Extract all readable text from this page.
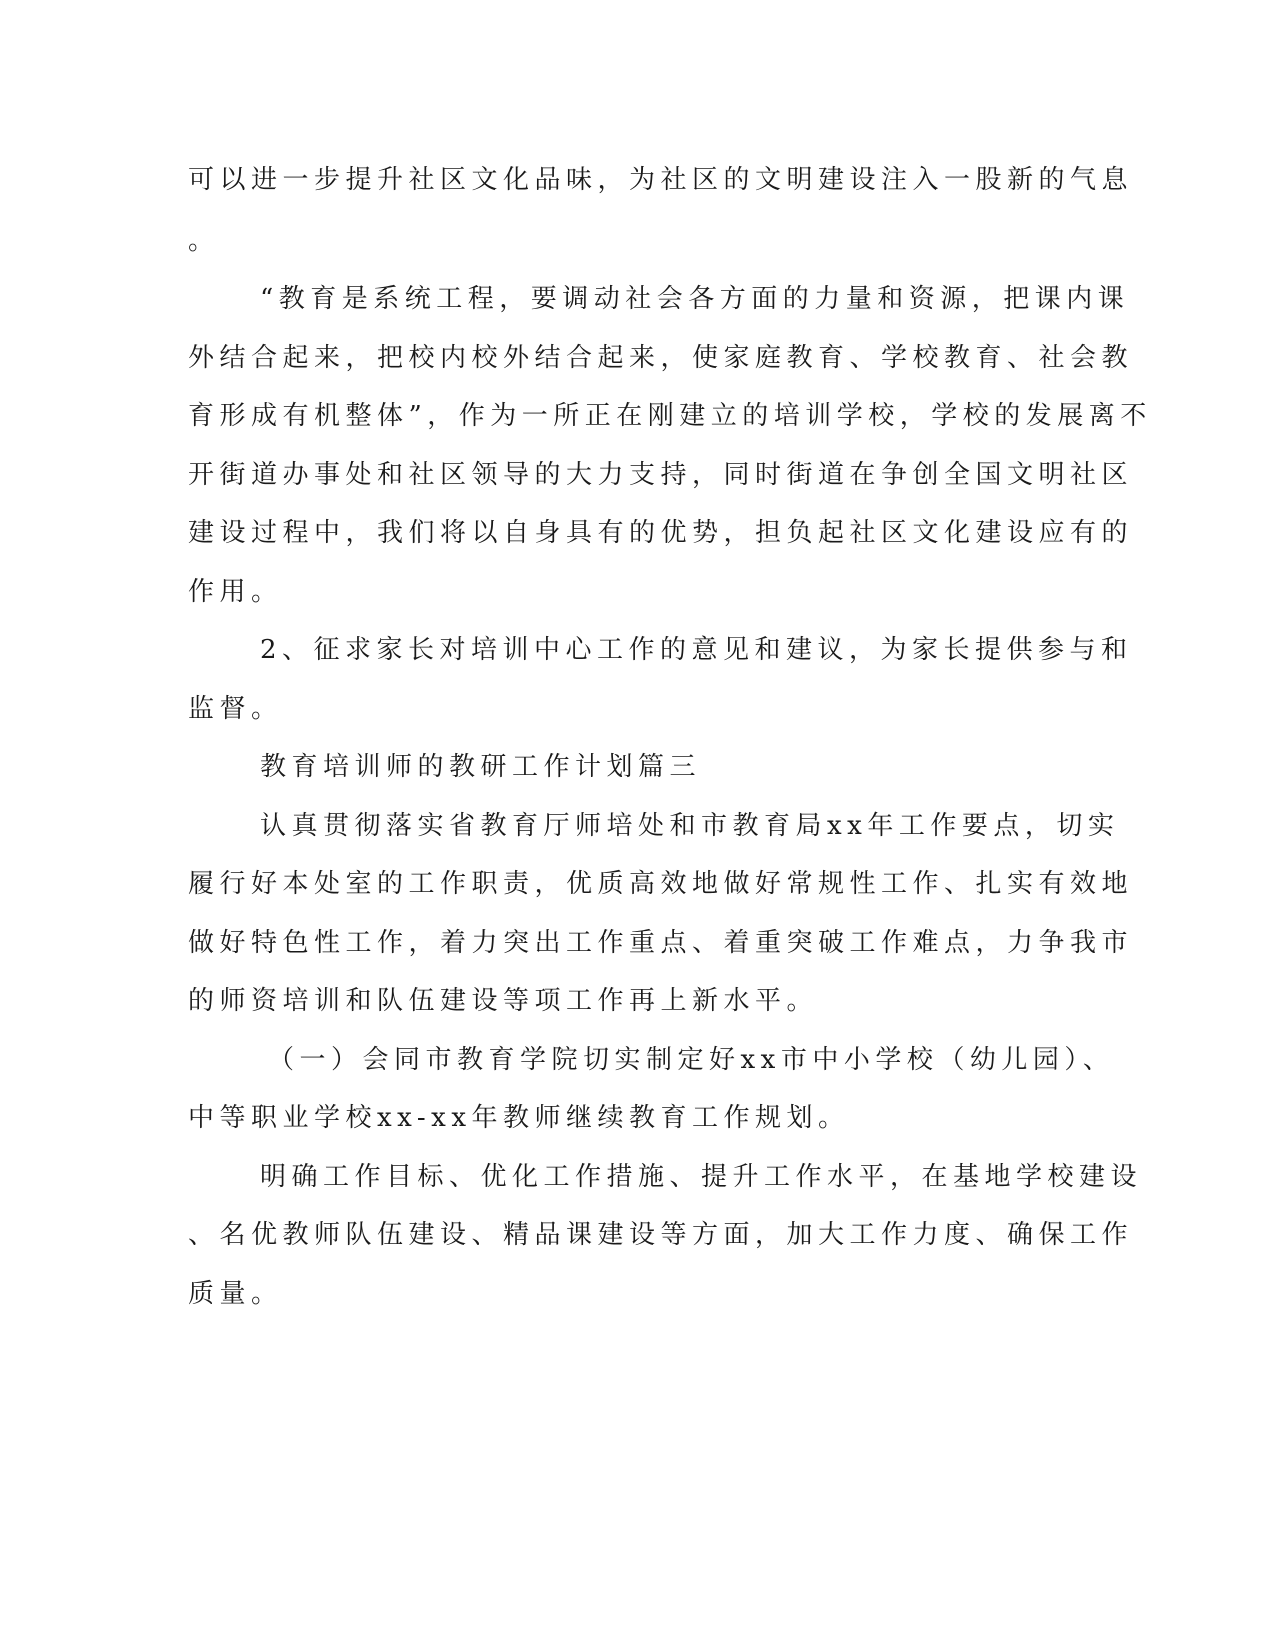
可以进一步提升社区文化品味，为社区的文明建设注入一股新的气息
。
“教育是系统工程，要调动社会各方面的力量和资源，把课内课
外结合起来，把校内校外结合起来，使家庭教育、学校教育、社会教
育形成有机整体”，作为一所正在刚建立的培训学校，学校的发展离不
开街道办事处和社区领导的大力支持，同时街道在争创全国文明社区
建设过程中，我们将以自身具有的优势，担负起社区文化建设应有的
作用。
2、征求家长对培训中心工作的意见和建议，为家长提供参与和
监督。
教育培训师的教研工作计划篇三
认真贯彻落实省教育厅师培处和市教育局xx年工作要点，切实
履行好本处室的工作职责，优质高效地做好常规性工作、扎实有效地
做好特色性工作，着力突出工作重点、着重突破工作难点，力争我市
的师资培训和队伍建设等项工作再上新水平。
（一）会同市教育学院切实制定好xx市中小学校（幼儿园）、
中等职业学校xx-xx年教师继续教育工作规划。
明确工作目标、优化工作措施、提升工作水平，在基地学校建设
、名优教师队伍建设、精品课建设等方面，加大工作力度、确保工作
质量。
